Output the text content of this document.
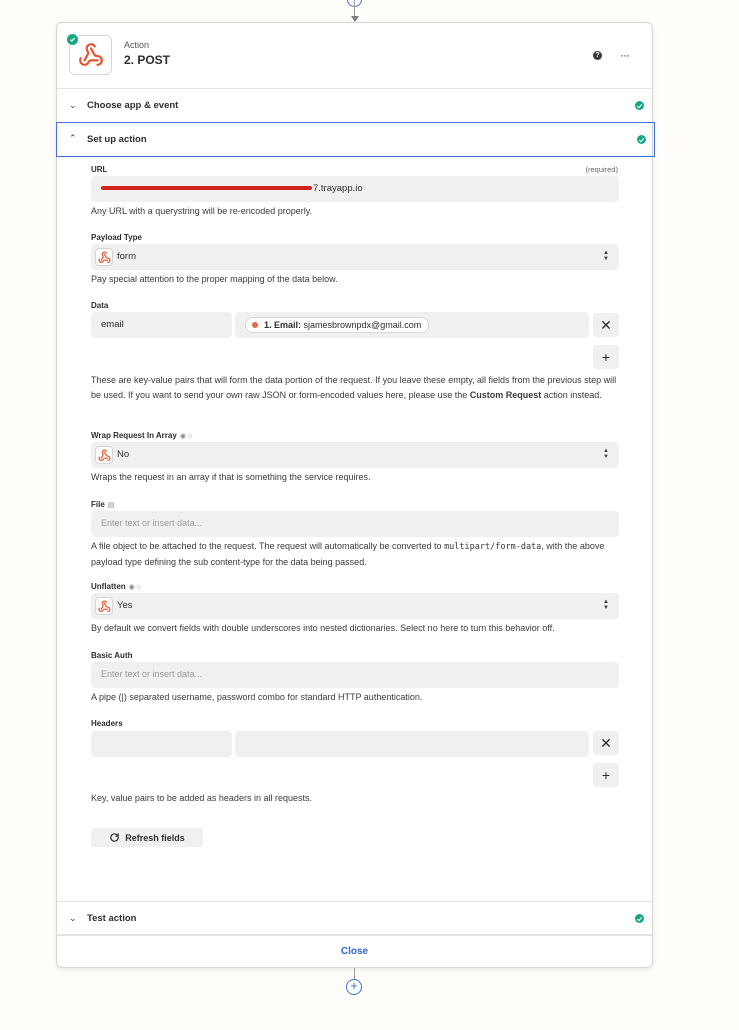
Action
2. POST	? ···
⌄ Choose app & event
⌃ Set up action
URL	(required)
7.trayapp.io
Any URL with a querystring will be re-encoded properly.
Payload Type
form	▲
▼
Pay special attention to the proper mapping of the data below.
Data
email	1. Email: sjamesbrownpdx@gmail.com	✕
+
These are key-value pairs that will form the data portion of the request. If you leave these empty, all fields from the previous step will be used. If you want to send your own raw JSON or form-encoded values here, please use the Custom Request action instead.
Wrap Request In Array ◉ ○
No	▲
▼
Wraps the request in an array if that is something the service requires.
File ▤
Enter text or insert data...
A file object to be attached to the request. The request will automatically be converted to multipart/form-data, with the above payload type defining the sub content-type for the data being passed.
Unflatten ◉ ○
Yes	▲
▼
By default we convert fields with double underscores into nested dictionaries. Select no here to turn this behavior off.
Basic Auth
Enter text or insert data...
A pipe (|) separated username, password combo for standard HTTP authentication.
Headers
✕
+
Key, value pairs to be added as headers in all requests.
Refresh fields
⌄ Test action
Close
+
